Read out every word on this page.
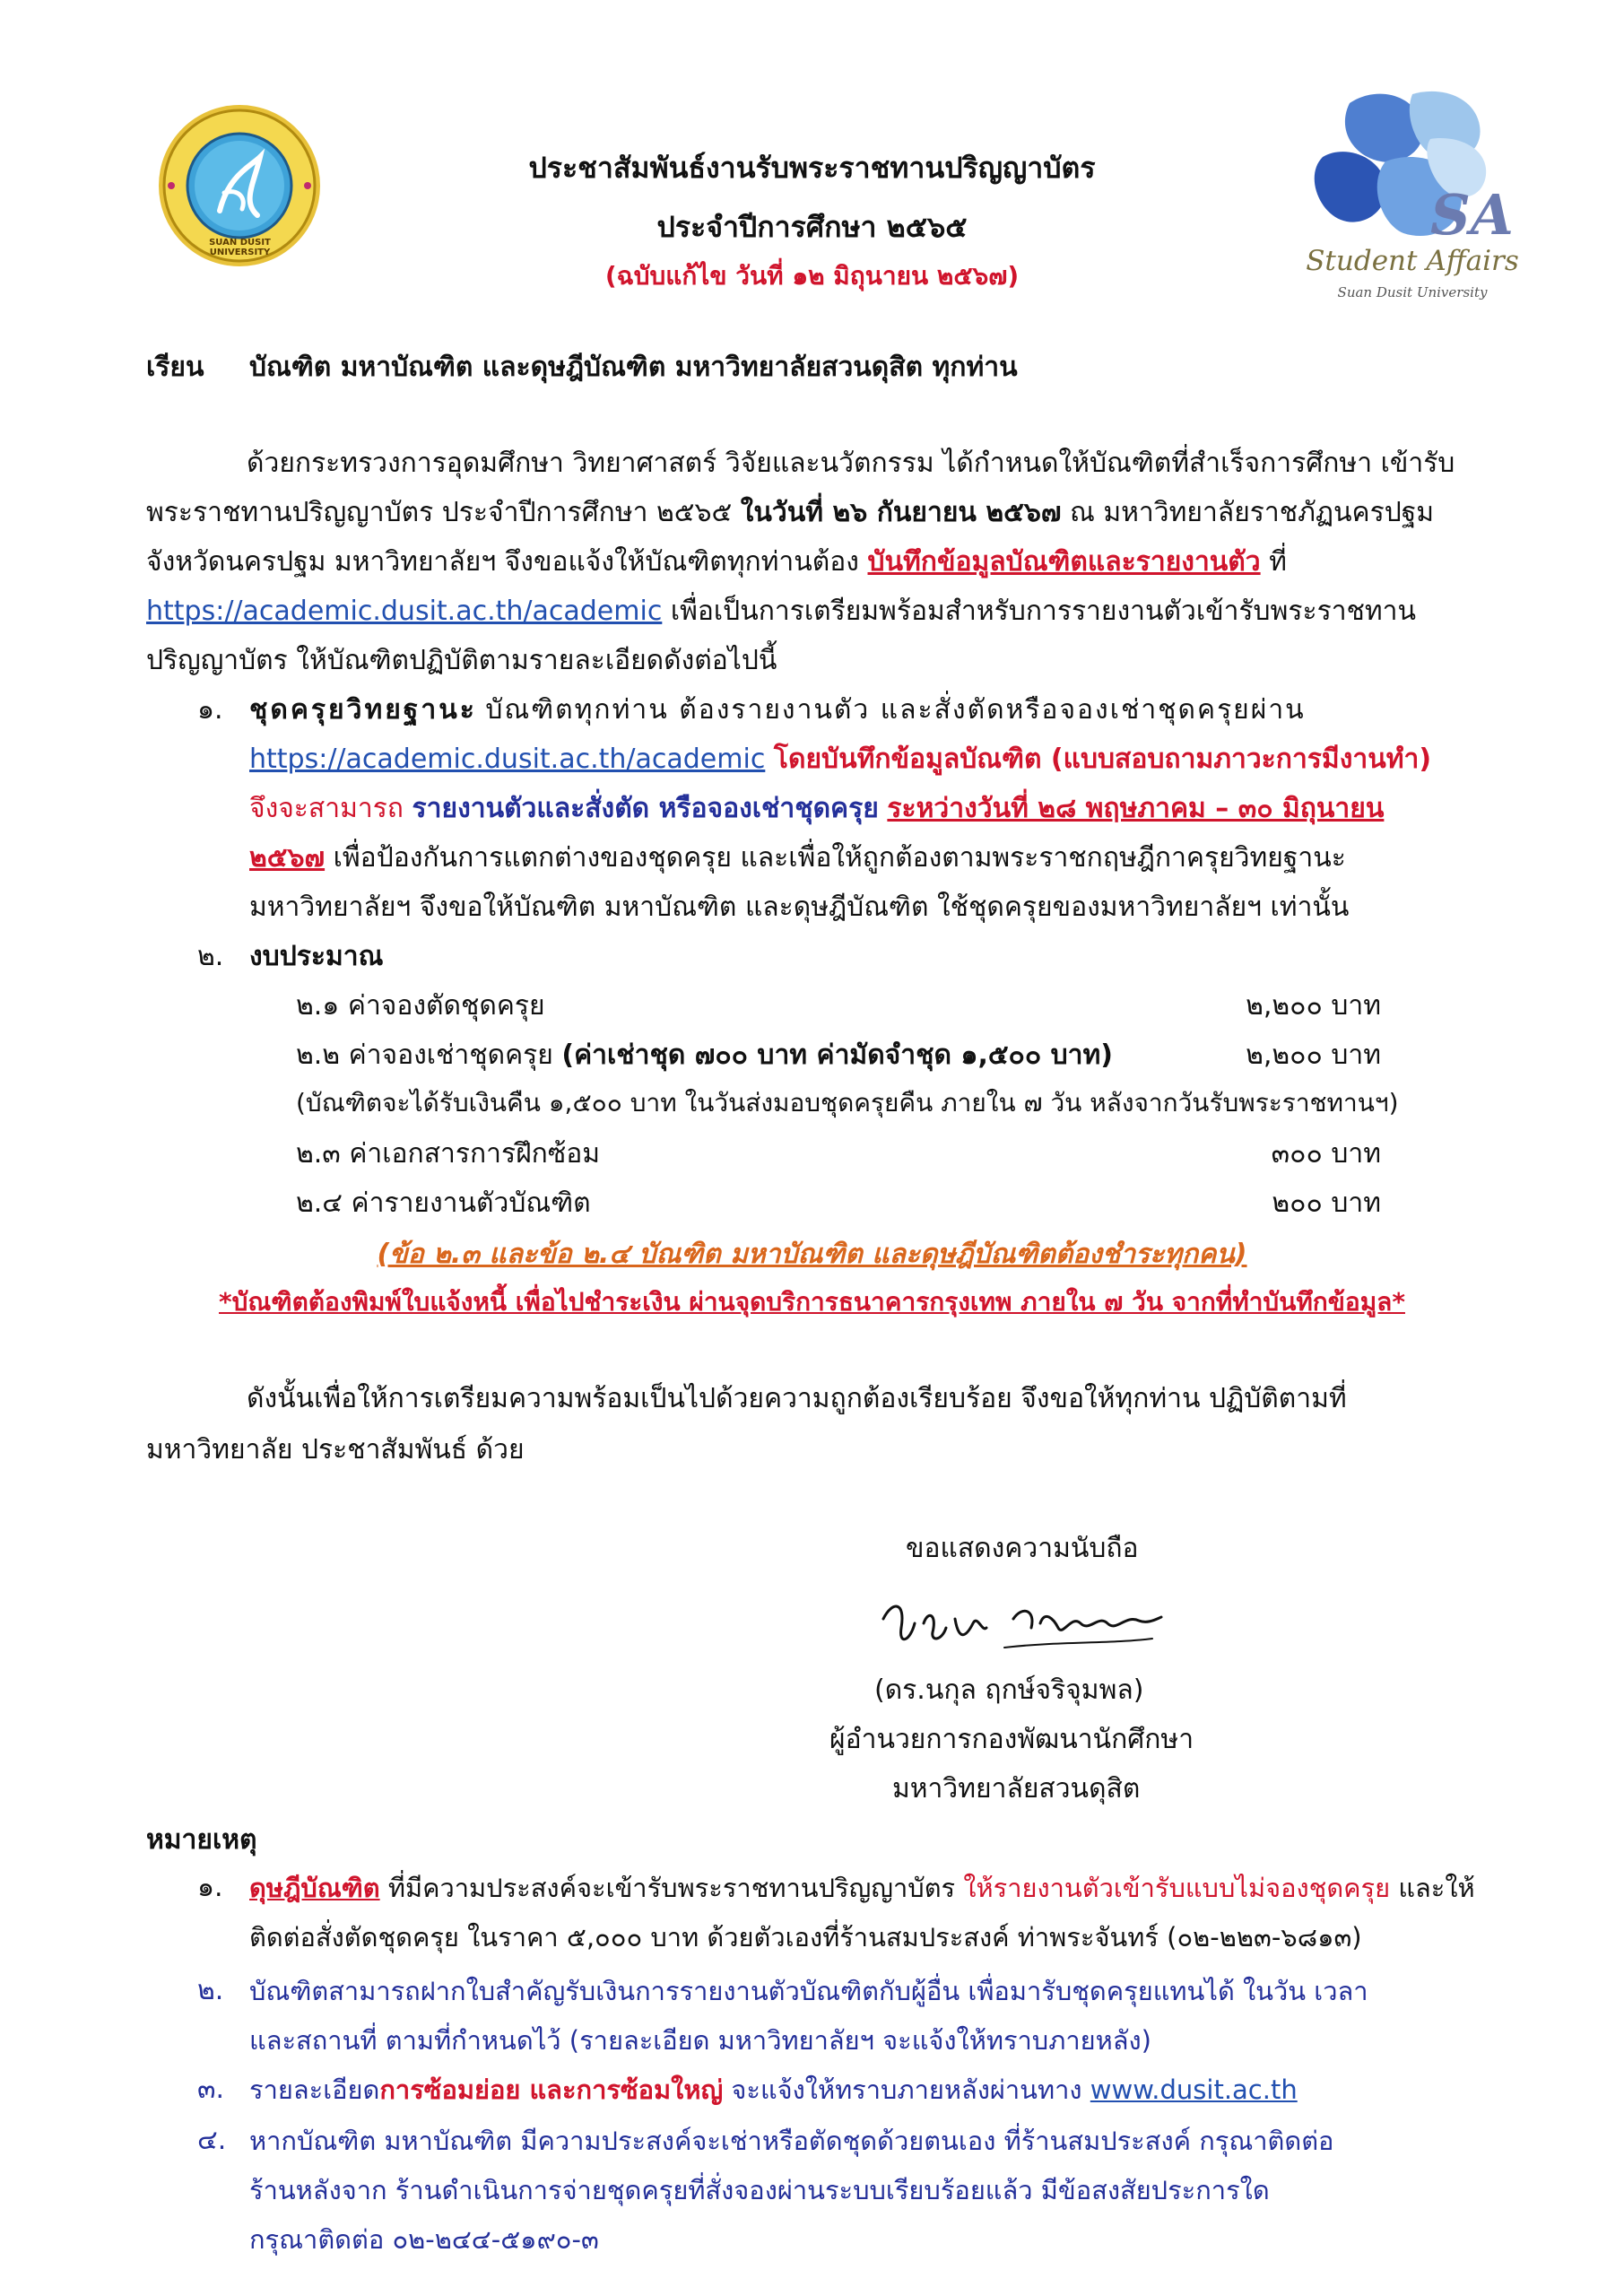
SUAN DUSIT UNIVERSITY
SA
Student Affairs
Suan Dusit University
ประชาสัมพันธ์งานรับพระราชทานปริญญาบัตร
ประจำปีการศึกษา ๒๕๖๕
(ฉบับแก้ไข วันที่ ๑๒ มิถุนายน ๒๕๖๗)
เรียน บัณฑิต มหาบัณฑิต และดุษฎีบัณฑิต มหาวิทยาลัยสวนดุสิต ทุกท่าน
ด้วยกระทรวงการอุดมศึกษา วิทยาศาสตร์ วิจัยและนวัตกรรม ได้กำหนดให้บัณฑิตที่สำเร็จการศึกษา เข้ารับ
พระราชทานปริญญาบัตร ประจำปีการศึกษา ๒๕๖๕ ในวันที่ ๒๖ กันยายน ๒๕๖๗ ณ มหาวิทยาลัยราชภัฏนครปฐม
จังหวัดนครปฐม มหาวิทยาลัยฯ จึงขอแจ้งให้บัณฑิตทุกท่านต้อง บันทึกข้อมูลบัณฑิตและรายงานตัว ที่
https://academic.dusit.ac.th/academic เพื่อเป็นการเตรียมพร้อมสำหรับการรายงานตัวเข้ารับพระราชทาน
ปริญญาบัตร ให้บัณฑิตปฏิบัติตามรายละเอียดดังต่อไปนี้
๑. ชุดครุยวิทยฐานะ บัณฑิตทุกท่าน ต้องรายงานตัว และสั่งตัดหรือจองเช่าชุดครุยผ่าน
https://academic.dusit.ac.th/academic โดยบันทึกข้อมูลบัณฑิต (แบบสอบถามภาวะการมีงานทำ)
จึงจะสามารถ รายงานตัวและสั่งตัด หรือจองเช่าชุดครุย ระหว่างวันที่ ๒๘ พฤษภาคม – ๓๐ มิถุนายน
๒๕๖๗ เพื่อป้องกันการแตกต่างของชุดครุย และเพื่อให้ถูกต้องตามพระราชกฤษฎีกาครุยวิทยฐานะ
มหาวิทยาลัยฯ จึงขอให้บัณฑิต มหาบัณฑิต และดุษฎีบัณฑิต ใช้ชุดครุยของมหาวิทยาลัยฯ เท่านั้น
๒. งบประมาณ
๒.๑ ค่าจองตัดชุดครุย	๒,๒๐๐ บาท
๒.๒ ค่าจองเช่าชุดครุย (ค่าเช่าชุด ๗๐๐ บาท ค่ามัดจำชุด ๑,๕๐๐ บาท)	๒,๒๐๐ บาท
(บัณฑิตจะได้รับเงินคืน ๑,๕๐๐ บาท ในวันส่งมอบชุดครุยคืน ภายใน ๗ วัน หลังจากวันรับพระราชทานฯ)
๒.๓ ค่าเอกสารการฝึกซ้อม	๓๐๐ บาท
๒.๔ ค่ารายงานตัวบัณฑิต	๒๐๐ บาท
(ข้อ ๒.๓ และข้อ ๒.๔ บัณฑิต มหาบัณฑิต และดุษฎีบัณฑิตต้องชำระทุกคน)
*บัณฑิตต้องพิมพ์ใบแจ้งหนี้ เพื่อไปชำระเงิน ผ่านจุดบริการธนาคารกรุงเทพ ภายใน ๗ วัน จากที่ทำบันทึกข้อมูล*
ดังนั้นเพื่อให้การเตรียมความพร้อมเป็นไปด้วยความถูกต้องเรียบร้อย จึงขอให้ทุกท่าน ปฏิบัติตามที่
มหาวิทยาลัย ประชาสัมพันธ์ ด้วย
ขอแสดงความนับถือ
(ดร.นกุล ฤกษ์จริจุมพล)
ผู้อำนวยการกองพัฒนานักศึกษา
มหาวิทยาลัยสวนดุสิต
หมายเหตุ
๑. ดุษฎีบัณฑิต ที่มีความประสงค์จะเข้ารับพระราชทานปริญญาบัตร ให้รายงานตัวเข้ารับแบบไม่จองชุดครุย และให้
ติดต่อสั่งตัดชุดครุย ในราคา ๕,๐๐๐ บาท ด้วยตัวเองที่ร้านสมประสงค์ ท่าพระจันทร์ (๐๒-๒๒๓-๖๘๑๓)
๒. บัณฑิตสามารถฝากใบสำคัญรับเงินการรายงานตัวบัณฑิตกับผู้อื่น เพื่อมารับชุดครุยแทนได้ ในวัน เวลา
และสถานที่ ตามที่กำหนดไว้ (รายละเอียด มหาวิทยาลัยฯ จะแจ้งให้ทราบภายหลัง)
๓. รายละเอียดการซ้อมย่อย และการซ้อมใหญ่ จะแจ้งให้ทราบภายหลังผ่านทาง www.dusit.ac.th
๔. หากบัณฑิต มหาบัณฑิต มีความประสงค์จะเช่าหรือตัดชุดด้วยตนเอง ที่ร้านสมประสงค์ กรุณาติดต่อ
ร้านหลังจาก ร้านดำเนินการจ่ายชุดครุยที่สั่งจองผ่านระบบเรียบร้อยแล้ว มีข้อสงสัยประการใด
กรุณาติดต่อ ๐๒-๒๔๔-๕๑๙๐-๓
